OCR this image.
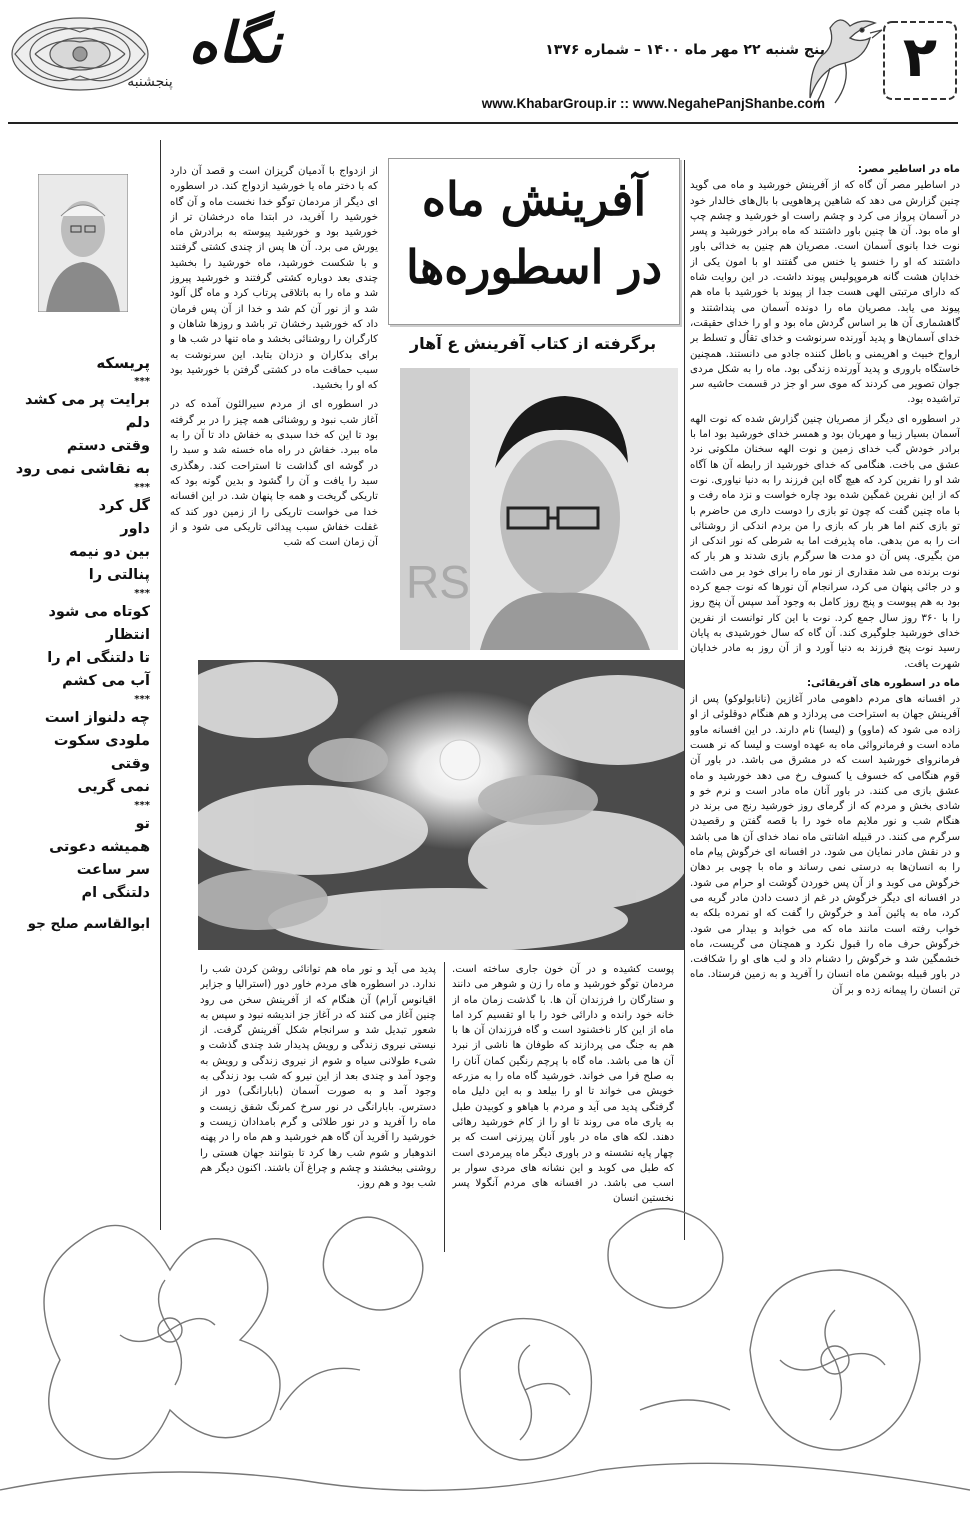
نگاه
پنجشنبه
پنج شنبه ۲۲ مهر ماه ۱۴۰۰ – شماره ۱۳۷۶
www.KhabarGroup.ir :: www.NegahePanjShanbe.com
۲
پریسکه
***
برایت پر می کشد
دلم
وقتی دستم
به نقاشی نمی رود
***
گل کرد
داور
بین دو نیمه
پنالتی را
***
کوتاه می شود
انتظار
تا دلتنگی ام را
آب می کشم
***
چه دلنواز است
ملودی سکوت
وقتی
نمی گریی
***
تو
همیشه دعوتی
سر ساعت
دلتنگی ام
ابوالقاسم صلح جو
ماه در اساطیر مصر:

در اساطیر مصر آن گاه که از آفرینش خورشید و ماه می گوید چنین گزارش می دهد که شاهین پرهاهویی با بال‌های خالدار خود در آسمان پرواز می کرد و چشم راست او خورشید و چشم چپ او ماه بود. آن ها چنین باور داشتند که ماه برادر خورشید و پسر نوت خدا بانوی آسمان است. مصریان هم چنین به خدائی باور داشتند که او را خنسو یا خنس می گفتند او با امون یکی از خدایان هشت گانه هرموپولیس پیوند داشت. در این روایت شاه که دارای مرتبتی الهی هست جدا از پیوند با خورشید با ماه هم پیوند می یابد. مصریان ماه را دونده آسمان می پنداشتند و گاهشماری آن ها بر اساس گردش ماه بود و او را خدای حقیقت، خدای آسمان‌ها و پدید آورنده سرنوشت و خدای تقاُل و تسلط بر ارواح خبیث و اهریمنی و باطل کننده جادو می دانستند. همچنین خاستگاه باروری و پدید آورنده زندگی بود. ماه را به شکل مردی جوان تصویر می کردند که موی سر او جز در قسمت حاشیه سر تراشیده بود.

در اسطوره ای دیگر از مصریان چنین گزارش شده که نوت الهه آسمان بسیار زیبا و مهربان بود و همسر خدای خورشید بود اما با برادر خودش گب خدای زمین و نوت الهه سخنان ملکوتی نرد عشق می باخت. هنگامی که خدای خورشید از رابطه آن ها آگاه شد او را نفرین کرد که هیچ گاه این فرزند را به دنیا نیاوری. نوت که از این نفرین غمگین شده بود چاره خواست و نزد ماه رفت و با ماه چنین گفت که چون تو بازی را دوست داری من حاضرم با تو بازی کنم اما هر بار که بازی را من بردم اندکی از روشنائی ات را به من بدهی. ماه پذیرفت اما به شرطی که نور اندکی از من بگیری. پس آن دو مدت ها سرگرم بازی شدند و هر بار که نوت برنده می شد مقداری از نور ماه را برای خود بر می داشت و در جائی پنهان می کرد، سرانجام آن نورها که نوت جمع کرده بود به هم پیوست و پنج روز کامل به وجود آمد سپس آن پنج روز را با ۳۶۰ روز سال جمع کرد. نوت با این کار توانست از نفرین خدای خورشید جلوگیری کند. آن گاه که سال خورشیدی به پایان رسید نوت پنج فرزند به دنیا آورد و از آن روز به مادر خدایان شهرت یافت.

ماه در اسطوره های آفریقائی:

در افسانه های مردم داهومی مادر آغازین (نانابولوکو) پس از آفرینش جهان به استراحت می پردازد و هم هنگام دوقلوئی از او زاده می شود که (ماوو) و (لیسا) نام دارند. در این افسانه ماوو ماده است و فرمانروائی ماه به عهده اوست و لیسا که نر هست فرمانروای خورشید است که در مشرق می باشد. در باور آن قوم هنگامی که خسوف یا کسوف رخ می دهد خورشید و ماه عشق بازی می کنند. در باور آنان ماه مادر است و نرم خو و شادی بخش و مردم که از گرمای روز خورشید رنج می برند در هنگام شب و نور ملایم ماه خود را با قصه گفتن و رقصیدن سرگرم می کنند. در قبیله اشانتی ماه نماد خدای آن ها می باشد و در نقش مادر نمایان می شود. در افسانه ای خرگوش پیام ماه را به انسان‌ها به درستی نمی رساند و ماه با چوبی بر دهان خرگوش می کوبد و از آن پس خوردن گوشت او حرام می شود. در افسانه ای دیگر خرگوش در غم از دست دادن مادر گریه می کرد، ماه به پائین آمد و خرگوش را گفت که او نمرده بلکه به خواب رفته است مانند ماه که می خوابد و بیدار می شود. خرگوش حرف ماه را قبول نکرد و همچنان می گریست، ماه خشمگین شد و خرگوش را دشنام داد و لب های او را شکافت. در باور قبیله بوشمن ماه انسان را آفرید و به زمین فرستاد. ماه تن انسان را پیمانه زده و بر آن

آفرینش ماه
در اسطوره‌ها
برگرفته از کتاب آفرینش ع آهار
RS

از ازدواج با آدمیان گریزان است و قصد آن دارد که با دختر ماه یا خورشید ازدواج کند. در اسطوره ای دیگر از مردمان توگو خدا نخست ماه و آن گاه خورشید را آفرید، در ابتدا ماه درخشان تر از خورشید بود و خورشید پیوسته به برادرش ماه یورش می برد. آن ها پس از چندی کشتی گرفتند و با شکست خورشید، ماه خورشید را بخشید چندی بعد دوباره کشتی گرفتند و خورشید پیروز شد و ماه را به باتلاقی پرتاب کرد و ماه گل آلود شد و از نور آن کم شد و خدا از آن پس فرمان داد که خورشید رخشان تر باشد و روزها شاهان و کارگران را روشنائی بخشد و ماه تنها در شب ها و برای بدکاران و دزدان بتابد. این سرنوشت به سبب حماقت ماه در کشتی گرفتن با خورشید بود که او را بخشید.

در اسطوره ای از مردم سیرالئون آمده که در آغاز شب نبود و روشنائی همه چیز را در بر گرفته بود تا این که خدا سبدی به خفاش داد تا آن را به ماه ببرد. خفاش در راه ماه خسته شد و سبد را در گوشه ای گذاشت تا استراحت کند. رهگذری سبد را یافت و آن را گشود و بدین گونه بود که تاریکی گریخت و همه جا پنهان شد. در این افسانه خدا می خواست تاریکی را از زمین دور کند که غفلت خفاش سبب پیدائی تاریکی می شود و از آن زمان است که شب

پوست کشیده و در آن خون جاری ساخته است. مردمان توگو خورشید و ماه را زن و شوهر می دانند و ستارگان را فرزندان آن ها. با گذشت زمان ماه از خانه خود رانده و دارائی خود را با او تقسیم کرد اما ماه از این کار ناخشنود است و گاه فرزندان آن ها با هم به جنگ می پردازند که طوفان ها ناشی از نبرد آن ها می باشد. ماه گاه با پرچم رنگین کمان آنان را به صلح فرا می خواند. خورشید گاه ماه را به مزرعه خویش می خواند تا او را بیلعد و به این دلیل ماه گرفتگی پدید می آید و مردم با هیاهو و کوبیدن طبل به یاری ماه می روند تا او را از کام خورشید رهائی دهند. لکه های ماه در باور آنان پیرزنی است که بر چهار پایه نشسته و در باوری دیگر ماه پیرمردی است که طبل می کوبد و این نشانه های مردی سوار بر اسب می باشد. در افسانه های مردم آنگولا پسر نخستین انسان

پدید می آید و نور ماه هم توانائی روشن کردن شب را ندارد. در اسطوره های مردم خاور دور (استرالیا و جزایر اقیانوس آرام) آن هنگام که از آفرینش سخن می رود چنین آغاز می کنند که در آغاز جز اندیشه نبود و سپس به شعور تبدیل شد و سرانجام شکل آفرینش گرفت. از نیستی نیروی زندگی و رویش پدیدار شد چندی گذشت و شیء طولانی سیاه و شوم از نیروی زندگی و رویش به وجود آمد و چندی بعد از این نیرو که شب بود زندگی به وجود آمد و به صورت آسمان (بابارانگی) دور از دسترس. بابارانگی در نور سرخ کمرنگ شفق زیست و ماه را آفرید و در نور طلائی و گرم بامدادان زیست و خورشید را آفرید آن گاه هم خورشید و هم ماه را در پهنه اندوهبار و شوم شب رها کرد تا بتوانند جهان هستی را روشنی ببخشند و چشم و چراغ آن باشند. اکنون دیگر هم شب بود و هم روز.
